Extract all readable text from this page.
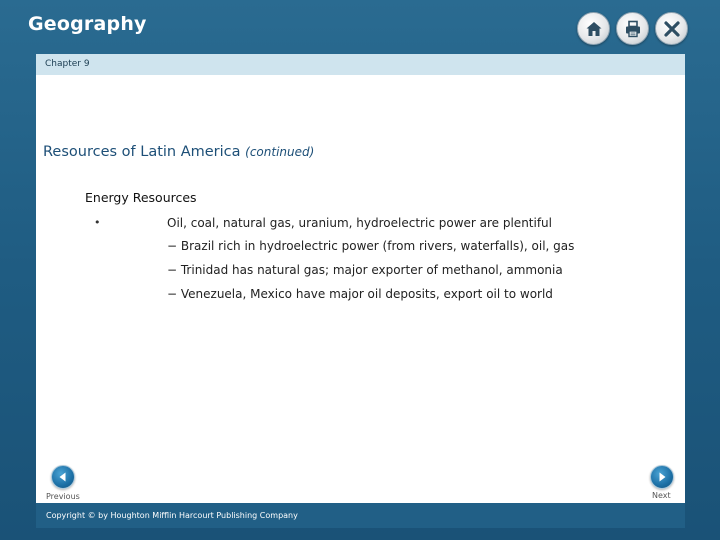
Geography
Chapter 9
Resources of Latin America (continued)
Energy Resources
•	Oil, coal, natural gas, uranium, hydroelectric power are plentiful
− Brazil rich in hydroelectric power (from rivers, waterfalls), oil, gas
− Trinidad has natural gas; major exporter of methanol, ammonia
− Venezuela, Mexico have major oil deposits, export oil to world
Previous	Next
Copyright © by Houghton Mifflin Harcourt Publishing Company
